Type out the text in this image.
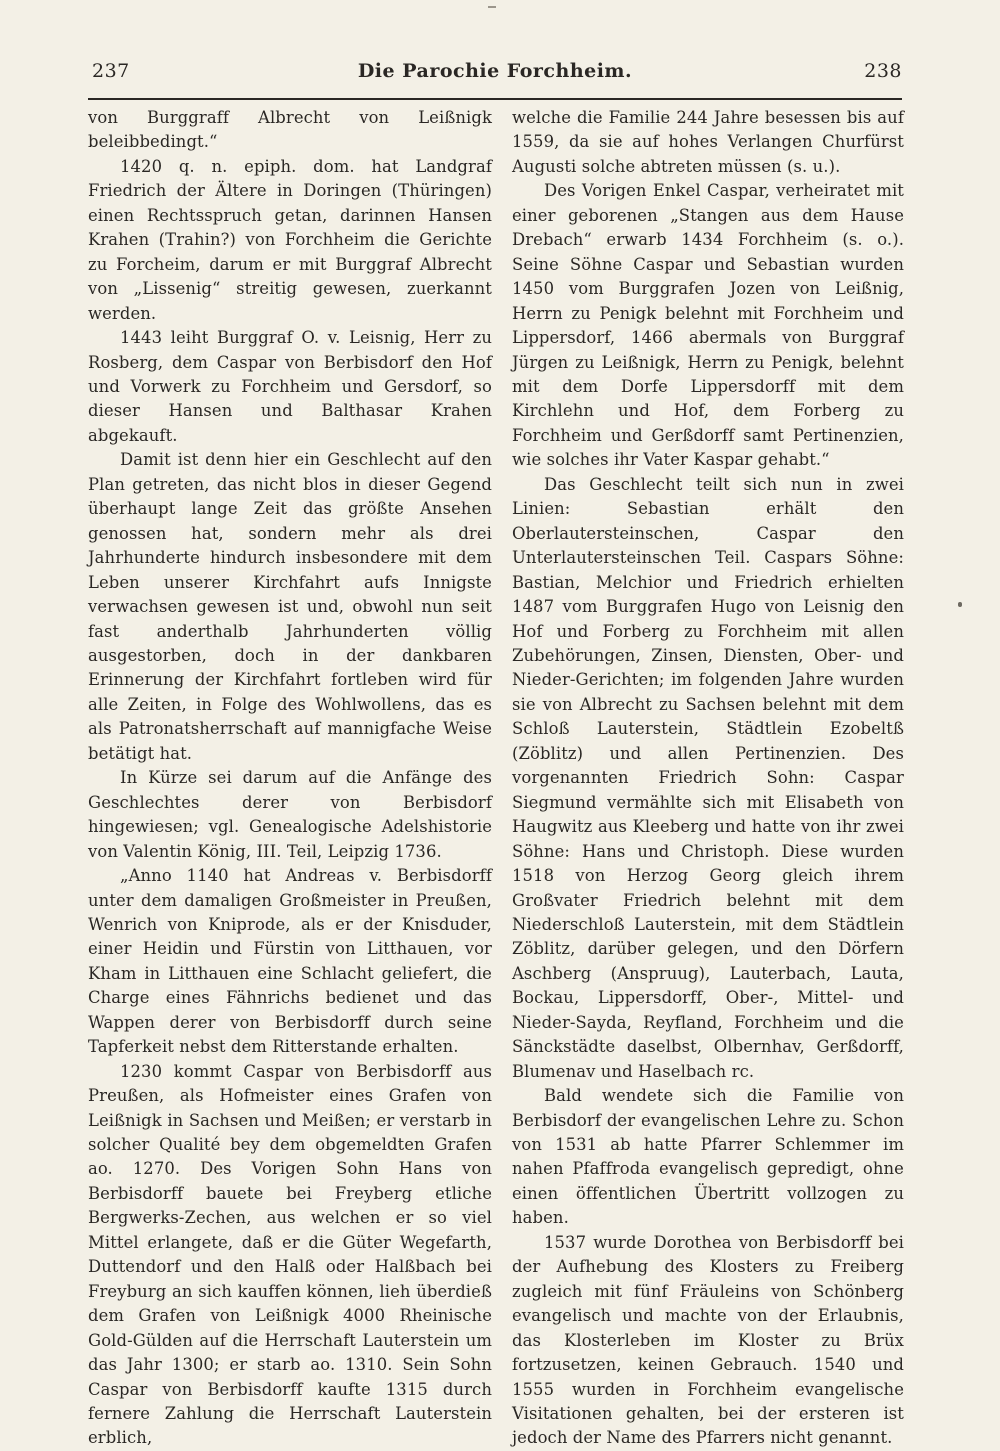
237	Die Parochie Forchheim.	238

von Burggraff Albrecht von Leißnigk beleibbedingt.“

1420 q. n. epiph. dom. hat Landgraf Friedrich der Ältere in Doringen (Thüringen) einen Rechtsspruch getan, darinnen Hansen Krahen (Trahin?) von Forchheim die Gerichte zu Forcheim, darum er mit Burggraf Albrecht von „Lissenig“ streitig gewesen, zuerkannt werden.

1443 leiht Burggraf O. v. Leisnig, Herr zu Rosberg, dem Caspar von Berbisdorf den Hof und Vorwerk zu Forchheim und Gersdorf, so dieser Hansen und Balthasar Krahen abgekauft.

Damit ist denn hier ein Geschlecht auf den Plan getreten, das nicht blos in dieser Gegend überhaupt lange Zeit das größte Ansehen genossen hat, sondern mehr als drei Jahrhunderte hindurch insbesondere mit dem Leben unserer Kirchfahrt aufs Innigste verwachsen gewesen ist und, obwohl nun seit fast anderthalb Jahrhunderten völlig ausgestorben, doch in der dankbaren Erinnerung der Kirchfahrt fortleben wird für alle Zeiten, in Folge des Wohlwollens, das es als Patronatsherrschaft auf mannigfache Weise betätigt hat.

In Kürze sei darum auf die Anfänge des Geschlechtes derer von Berbisdorf hingewiesen; vgl. Genealogische Adelshistorie von Valentin König, III. Teil, Leipzig 1736.

„Anno 1140 hat Andreas v. Berbisdorff unter dem damaligen Großmeister in Preußen, Wenrich von Kniprode, als er der Knisduder, einer Heidin und Fürstin von Litthauen, vor Kham in Litthauen eine Schlacht geliefert, die Charge eines Fähnrichs bedienet und das Wappen derer von Berbisdorff durch seine Tapferkeit nebst dem Ritterstande erhalten.

1230 kommt Caspar von Berbisdorff aus Preußen, als Hofmeister eines Grafen von Leißnigk in Sachsen und Meißen; er verstarb in solcher Qualité bey dem obgemeldten Grafen ao. 1270. Des Vorigen Sohn Hans von Berbisdorff bauete bei Freyberg etliche Bergwerks-Zechen, aus welchen er so viel Mittel erlangete, daß er die Güter Wegefarth, Duttendorf und den Halß oder Halßbach bei Freyburg an sich kauffen können, lieh überdieß dem Grafen von Leißnigk 4000 Rheinische Gold-Gülden auf die Herrschaft Lauterstein um das Jahr 1300; er starb ao. 1310. Sein Sohn Caspar von Berbisdorff kaufte 1315 durch fernere Zahlung die Herrschaft Lauterstein erblich,

welche die Familie 244 Jahre besessen bis auf 1559, da sie auf hohes Verlangen Churfürst Augusti solche abtreten müssen (s. u.).

Des Vorigen Enkel Caspar, verheiratet mit einer geborenen „Stangen aus dem Hause Drebach“ erwarb 1434 Forchheim (s. o.). Seine Söhne Caspar und Sebastian wurden 1450 vom Burggrafen Jozen von Leißnig, Herrn zu Penigk belehnt mit Forchheim und Lippersdorf, 1466 abermals von Burggraf Jürgen zu Leißnigk, Herrn zu Penigk, belehnt mit dem Dorfe Lippersdorff mit dem Kirchlehn und Hof, dem Forberg zu Forchheim und Gerßdorff samt Pertinenzien, wie solches ihr Vater Kaspar gehabt.“

Das Geschlecht teilt sich nun in zwei Linien: Sebastian erhält den Oberlautersteinschen, Caspar den Unterlautersteinschen Teil. Caspars Söhne: Bastian, Melchior und Friedrich erhielten 1487 vom Burggrafen Hugo von Leisnig den Hof und Forberg zu Forchheim mit allen Zubehörungen, Zinsen, Diensten, Ober- und Nieder-Gerichten; im folgenden Jahre wurden sie von Albrecht zu Sachsen belehnt mit dem Schloß Lauterstein, Städtlein Ezobeltß (Zöblitz) und allen Pertinenzien. Des vorgenannten Friedrich Sohn: Caspar Siegmund vermählte sich mit Elisabeth von Haugwitz aus Kleeberg und hatte von ihr zwei Söhne: Hans und Christoph. Diese wurden 1518 von Herzog Georg gleich ihrem Großvater Friedrich belehnt mit dem Niederschloß Lauterstein, mit dem Städtlein Zöblitz, darüber gelegen, und den Dörfern Aschberg (Anspruug), Lauterbach, Lauta, Bockau, Lippersdorff, Ober-, Mittel- und Nieder-Sayda, Reyfland, Forchheim und die Sänckstädte daselbst, Olbernhav, Gerßdorff, Blumenav und Haselbach rc.

Bald wendete sich die Familie von Berbisdorf der evangelischen Lehre zu. Schon von 1531 ab hatte Pfarrer Schlemmer im nahen Pfaffroda evangelisch gepredigt, ohne einen öffentlichen Übertritt vollzogen zu haben.

1537 wurde Dorothea von Berbisdorff bei der Aufhebung des Klosters zu Freiberg zugleich mit fünf Fräuleins von Schönberg evangelisch und machte von der Erlaubnis, das Klosterleben im Kloster zu Brüx fortzusetzen, keinen Gebrauch. 1540 und 1555 wurden in Forchheim evangelische Visitationen gehalten, bei der ersteren ist jedoch der Name des Pfarrers nicht genannt.
